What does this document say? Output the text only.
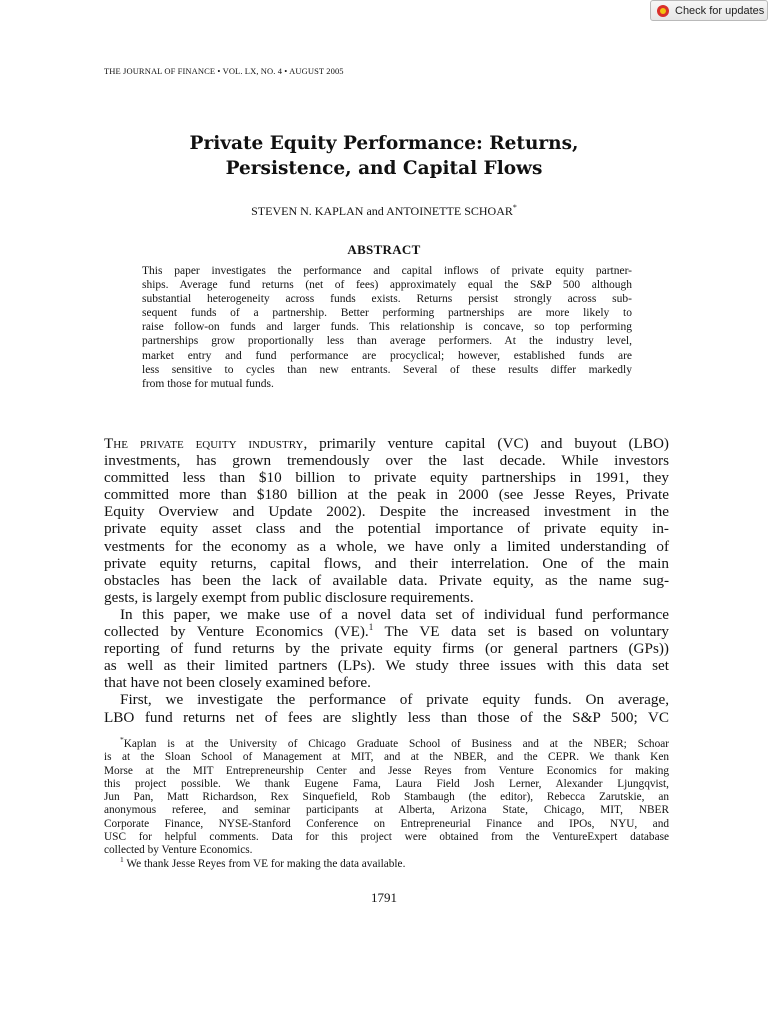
Check for updates
THE JOURNAL OF FINANCE • VOL. LX, NO. 4 • AUGUST 2005
Private Equity Performance: Returns,
Persistence, and Capital Flows
STEVEN N. KAPLAN and ANTOINETTE SCHOAR*
ABSTRACT
This paper investigates the performance and capital inflows of private equity partner-
ships. Average fund returns (net of fees) approximately equal the S&P 500 although
substantial heterogeneity across funds exists. Returns persist strongly across sub-
sequent funds of a partnership. Better performing partnerships are more likely to
raise follow-on funds and larger funds. This relationship is concave, so top performing
partnerships grow proportionally less than average performers. At the industry level,
market entry and fund performance are procyclical; however, established funds are
less sensitive to cycles than new entrants. Several of these results differ markedly
from those for mutual funds.
The private equity industry, primarily venture capital (VC) and buyout (LBO)
investments, has grown tremendously over the last decade. While investors
committed less than $10 billion to private equity partnerships in 1991, they
committed more than $180 billion at the peak in 2000 (see Jesse Reyes, Private
Equity Overview and Update 2002). Despite the increased investment in the
private equity asset class and the potential importance of private equity in-
vestments for the economy as a whole, we have only a limited understanding of
private equity returns, capital flows, and their interrelation. One of the main
obstacles has been the lack of available data. Private equity, as the name sug-
gests, is largely exempt from public disclosure requirements.
In this paper, we make use of a novel data set of individual fund performance
collected by Venture Economics (VE).$^1$ The VE data set is based on voluntary
reporting of fund returns by the private equity firms (or general partners (GPs))
as well as their limited partners (LPs). We study three issues with this data set
that have not been closely examined before.
First, we investigate the performance of private equity funds. On average,
LBO fund returns net of fees are slightly less than those of the S&P 500; VC
*Kaplan is at the University of Chicago Graduate School of Business and at the NBER; Schoar
is at the Sloan School of Management at MIT, and at the NBER, and the CEPR. We thank Ken
Morse at the MIT Entrepreneurship Center and Jesse Reyes from Venture Economics for making
this project possible. We thank Eugene Fama, Laura Field Josh Lerner, Alexander Ljungqvist,
Jun Pan, Matt Richardson, Rex Sinquefield, Rob Stambaugh (the editor), Rebecca Zarutskie, an
anonymous referee, and seminar participants at Alberta, Arizona State, Chicago, MIT, NBER
Corporate Finance, NYSE-Stanford Conference on Entrepreneurial Finance and IPOs, NYU, and
USC for helpful comments. Data for this project were obtained from the VentureExpert database
collected by Venture Economics.
$^1$ We thank Jesse Reyes from VE for making the data available.
1791
